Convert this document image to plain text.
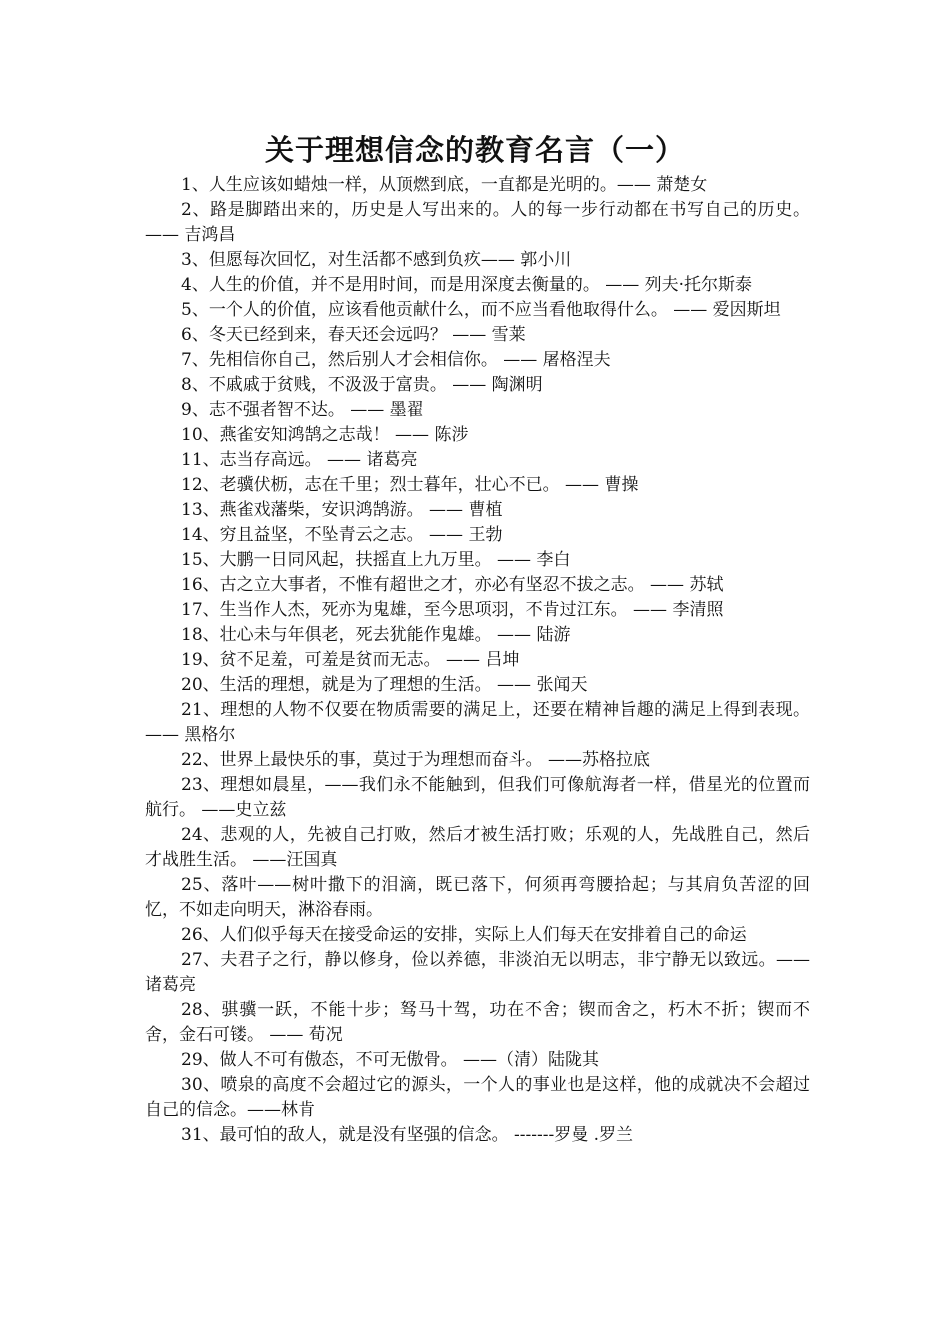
关于理想信念的教育名言（一）

1、人生应该如蜡烛一样，从顶燃到底，一直都是光明的。—— 萧楚女

2、路是脚踏出来的，历史是人写出来的。人的每一步行动都在书写自己的历史。—— 吉鸿昌

3、但愿每次回忆，对生活都不感到负疚—— 郭小川

4、人生的价值，并不是用时间，而是用深度去衡量的。 —— 列夫·托尔斯泰

5、一个人的价值，应该看他贡献什么，而不应当看他取得什么。 —— 爱因斯坦

6、冬天已经到来，春天还会远吗？ —— 雪莱

7、先相信你自己，然后别人才会相信你。 —— 屠格涅夫

8、不戚戚于贫贱，不汲汲于富贵。 —— 陶渊明

9、志不强者智不达。 —— 墨翟

10、燕雀安知鸿鹄之志哉！ —— 陈涉

11、志当存高远。 —— 诸葛亮

12、老骥伏枥，志在千里；烈士暮年，壮心不已。 —— 曹操

13、燕雀戏藩柴，安识鸿鹄游。 —— 曹植

14、穷且益坚，不坠青云之志。 —— 王勃

15、大鹏一日同风起，扶摇直上九万里。 —— 李白

16、古之立大事者，不惟有超世之才，亦必有坚忍不拔之志。 —— 苏轼

17、生当作人杰，死亦为鬼雄，至今思项羽，不肯过江东。 —— 李清照

18、壮心未与年俱老，死去犹能作鬼雄。 —— 陆游

19、贫不足羞，可羞是贫而无志。 —— 吕坤

20、生活的理想，就是为了理想的生活。 —— 张闻天

21、理想的人物不仅要在物质需要的满足上，还要在精神旨趣的满足上得到表现。 —— 黑格尔

22、世界上最快乐的事，莫过于为理想而奋斗。 ——苏格拉底

23、理想如晨星，——我们永不能触到，但我们可像航海者一样，借星光的位置而航行。 ——史立兹

24、悲观的人，先被自己打败，然后才被生活打败；乐观的人，先战胜自己，然后才战胜生活。 ——汪国真

25、落叶——树叶撒下的泪滴，既已落下，何须再弯腰拾起；与其肩负苦涩的回忆，不如走向明天，淋浴春雨。

26、人们似乎每天在接受命运的安排，实际上人们每天在安排着自己的命运

27、夫君子之行，静以修身，俭以养德，非淡泊无以明志，非宁静无以致远。—— 诸葛亮

28、骐骥一跃，不能十步；驽马十驾，功在不舍；锲而舍之，朽木不折；锲而不舍，金石可镂。 —— 荀况

29、做人不可有傲态，不可无傲骨。 ——（清）陆陇其

30、喷泉的高度不会超过它的源头，一个人的事业也是这样，他的成就决不会超过自己的信念。——林肯

31、最可怕的敌人，就是没有坚强的信念。 -------罗曼 .罗兰
